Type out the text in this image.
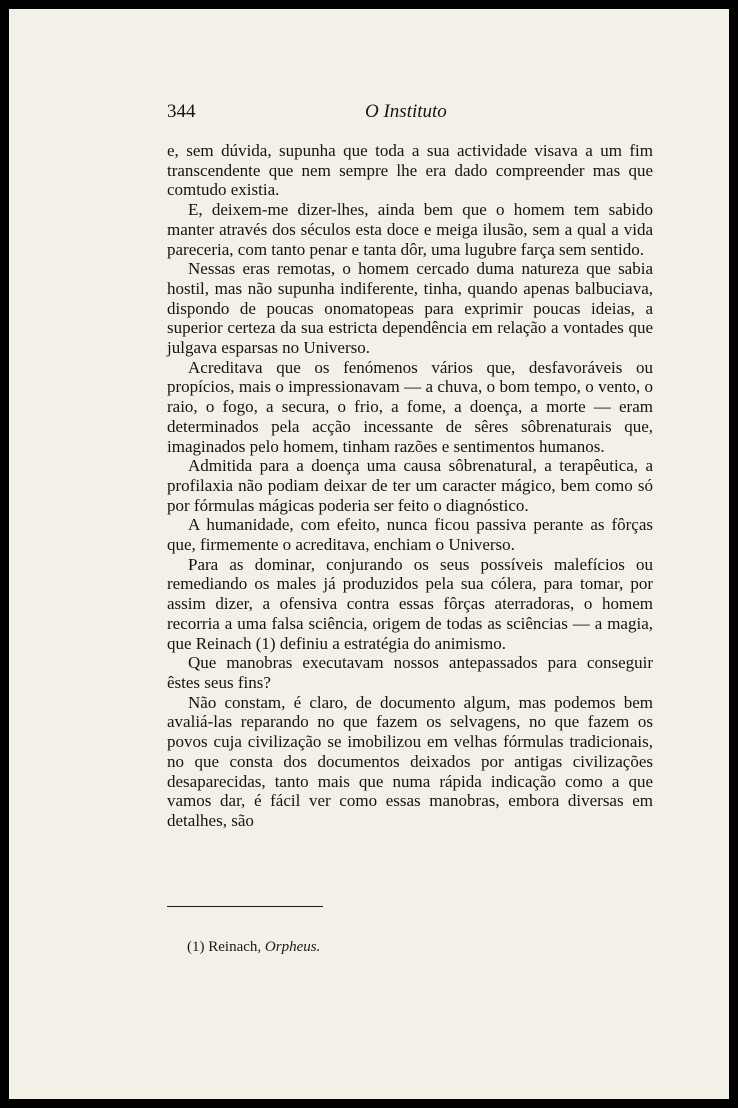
344	O Instituto

e, sem dúvida, supunha que toda a sua actividade visava a um fim transcendente que nem sempre lhe era dado compreender mas que comtudo existia.

E, deixem-me dizer-lhes, ainda bem que o homem tem sabido manter através dos séculos esta doce e meiga ilusão, sem a qual a vida pareceria, com tanto penar e tanta dôr, uma lugubre farça sem sentido.

Nessas eras remotas, o homem cercado duma natureza que sabia hostil, mas não supunha indiferente, tinha, quando apenas balbuciava, dispondo de poucas onomatopeas para exprimir poucas ideias, a superior certeza da sua estricta dependência em relação a vontades que julgava esparsas no Universo.

Acreditava que os fenómenos vários que, desfavoráveis ou propícios, mais o impressionavam — a chuva, o bom tempo, o vento, o raio, o fogo, a secura, o frio, a fome, a doença, a morte — eram determinados pela acção incessante de sêres sôbrenaturais que, imaginados pelo homem, tinham razões e sentimentos humanos.

Admitida para a doença uma causa sôbrenatural, a terapêutica, a profilaxia não podiam deixar de ter um caracter mágico, bem como só por fórmulas mágicas poderia ser feito o diagnóstico.

A humanidade, com efeito, nunca ficou passiva perante as fôrças que, firmemente o acreditava, enchiam o Universo.

Para as dominar, conjurando os seus possíveis malefícios ou remediando os males já produzidos pela sua cólera, para tomar, por assim dizer, a ofensiva contra essas fôrças aterradoras, o homem recorria a uma falsa sciência, origem de todas as sciências — a magia, que Reinach (1) definiu a estratégia do animismo.

Que manobras executavam nossos antepassados para conseguir êstes seus fins?

Não constam, é claro, de documento algum, mas podemos bem avaliá-las reparando no que fazem os selvagens, no que fazem os povos cuja civilização se imobilizou em velhas fórmulas tradicionais, no que consta dos documentos deixados por antigas civilizações desaparecidas, tanto mais que numa rápida indicação como a que vamos dar, é fácil ver como essas manobras, embora diversas em detalhes, são

(1) Reinach, Orpheus.
